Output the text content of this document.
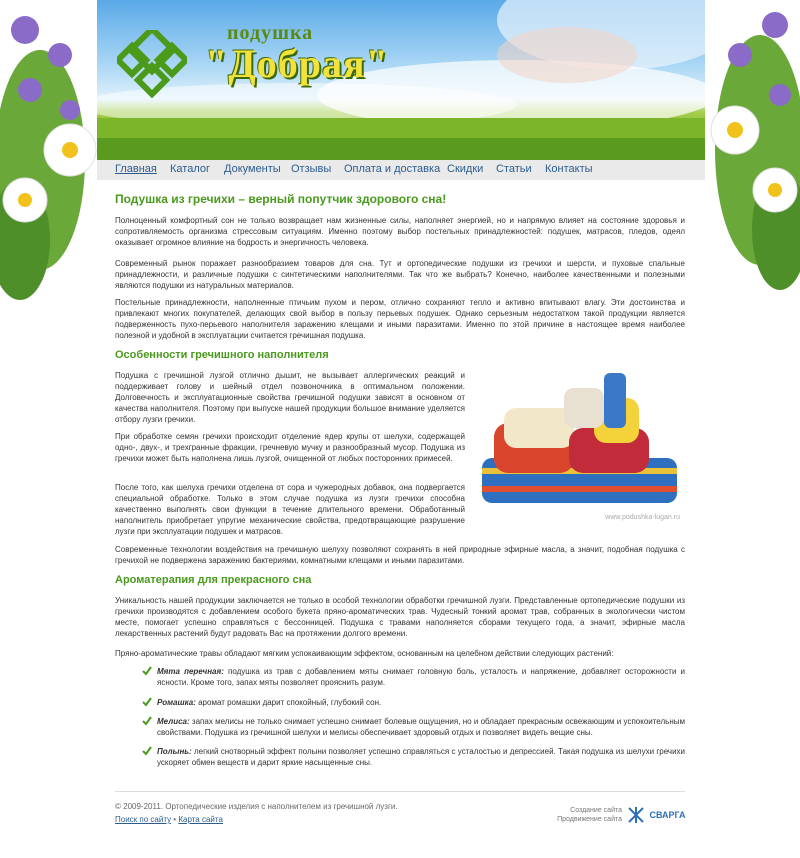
подушка
"Добрая"
Главная Каталог Документы Отзывы Оплата и доставка Скидки Статьи Контакты
Подушка из гречихи – верный попутчик здорового сна!

Полноценный комфортный сон не только возвращает нам жизненные силы, наполняет энергией, но и напрямую влияет на состояние здоровья и сопротивляемость организма стрессовым ситуациям. Именно поэтому выбор постельных принадлежностей: подушек, матрасов, пледов, одеял оказывает огромное влияние на бодрость и энергичность человека.

Современный рынок поражает разнообразием товаров для сна. Тут и ортопедические подушки из гречихи и шерсти, и пуховые спальные принадлежности, и различные подушки с синтетическими наполнителями. Так что же выбрать? Конечно, наиболее качественными и полезными являются подушки из натуральных материалов.

Постельные принадлежности, наполненные птичьим пухом и пером, отлично сохраняют тепло и активно впитывают влагу. Эти достоинства и привлекают многих покупателей, делающих свой выбор в пользу перьевых подушек. Однако серьезным недостатком такой продукции является подверженность пухо-перьевого наполнителя заражению клещами и иными паразитами. Именно по этой причине в настоящее время наиболее полезной и удобной в эксплуатации считается гречишная подушка.

Особенности гречишного наполнителя

Подушка с гречишной лузгой отлично дышит, не вызывает аллергических реакций и поддерживает голову и шейный отдел позвоночника в оптимальном положении. Долговечность и эксплуатационные свойства гречишной подушки зависят в основном от качества наполнителя. Поэтому при выпуске нашей продукции большое внимание уделяется отбору лузги гречихи.

При обработке семян гречихи происходит отделение ядер крупы от шелухи, содержащей одно-, двух-, и трехгранные фракции, гречневую мучку и разнообразный мусор. Подушка из гречихи может быть наполнена лишь лузгой, очищенной от любых посторонних примесей.

После того, как шелуха гречихи отделена от сора и чужеродных добавок, она подвергается специальной обработке. Только в этом случае подушка из лузги гречихи способна качественно выполнять свои функции в течение длительного времени. Обработанный наполнитель приобретает упругие механические свойства, предотвращающие разрушение лузги при эксплуатации подушек и матрасов.

www.podushka-lugan.ru

Современные технологии воздействия на гречишную шелуху позволяют сохранять в ней природные эфирные масла, а значит, подобная подушка с гречихой не подвержена заражению бактериями, комнатными клещами и иными паразитами.

Ароматерапия для прекрасного сна

Уникальность нашей продукции заключается не только в особой технологии обработки гречишной лузги. Представленные ортопедические подушки из гречихи производятся с добавлением особого букета пряно-ароматических трав. Чудесный тонкий аромат трав, собранных в экологически чистом месте, помогает успешно справляться с бессонницей. Подушка с травами наполняется сборами текущего года, а значит, эфирные масла лекарственных растений будут радовать Вас на протяжении долгого времени.

Пряно-ароматические травы обладают мягким успокаивающим эффектом, основанным на целебном действии следующих растений:

Мята перечная: подушка из трав с добавлением мяты снимает головную боль, усталость и напряжение, добавляет осторожности и ясности. Кроме того, запах мяты позволяет прояснить разум.

Ромашка: аромат ромашки дарит спокойный, глубокий сон.

Мелиса: запах мелисы не только снимает успешно снимает болевые ощущения, но и обладает прекрасным освежающим и успокоительным свойствами. Подушка из гречишной шелухи и мелисы обеспечивает здоровый отдых и позволяет видеть вещие сны.

Полынь: легкий снотворный эффект полыни позволяет успешно справляться с усталостью и депрессией. Такая подушка из шелухи гречихи ускоряет обмен веществ и дарит яркие насыщенные сны.

© 2009-2011. Ортопедические изделия с наполнителем из гречишной лузги.
Поиск по сайту • Карта сайта
Создание сайта
Продвижение сайта	СВАРГА
